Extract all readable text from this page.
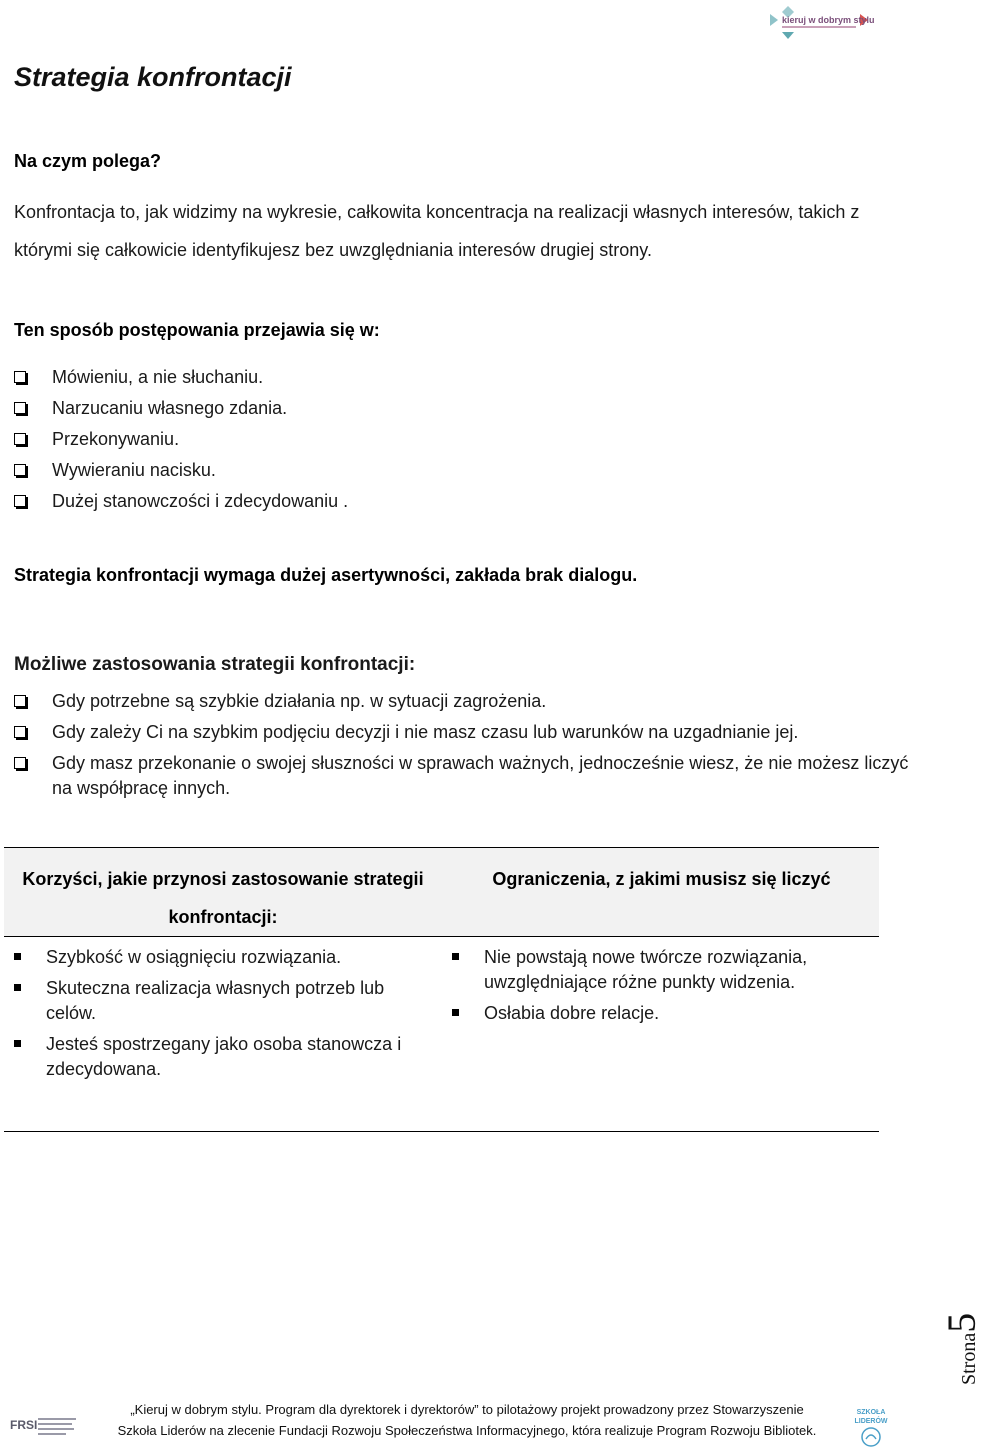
kieruj w dobrym stylu
Strategia konfrontacji
Na czym polega?
Konfrontacja to, jak widzimy na wykresie, całkowita koncentracja na realizacji własnych interesów, takich z którymi się całkowicie identyfikujesz bez uwzględniania interesów drugiej strony.
Ten sposób postępowania przejawia się w:
Mówieniu, a nie słuchaniu.
Narzucaniu własnego zdania.
Przekonywaniu.
Wywieraniu nacisku.
Dużej stanowczości i zdecydowaniu .
Strategia konfrontacji wymaga dużej asertywności, zakłada brak dialogu.
Możliwe zastosowania strategii konfrontacji:
Gdy potrzebne są szybkie działania np. w sytuacji zagrożenia.
Gdy zależy Ci na szybkim podjęciu decyzji i nie masz czasu lub warunków na uzgadnianie jej.
Gdy masz przekonanie o swojej słuszności w sprawach ważnych, jednocześnie wiesz, że nie możesz liczyć na współpracę innych.
Korzyści, jakie przynosi zastosowanie strategii konfrontacji:
Ograniczenia, z jakimi musisz się liczyć
Szybkość w osiągnięciu rozwiązania.
Skuteczna realizacja własnych potrzeb lub celów.
Jesteś spostrzegany jako osoba stanowcza i zdecydowana.
Nie powstają nowe twórcze rozwiązania, uwzględniające różne punkty widzenia.
Osłabia dobre relacje.
Strona5
FRSI
„Kieruj w dobrym stylu. Program dla dyrektorek i dyrektorów” to pilotażowy projekt prowadzony przez Stowarzyszenie
Szkoła Liderów na zlecenie Fundacji Rozwoju Społeczeństwa Informacyjnego, która realizuje Program Rozwoju Bibliotek.
SZKOŁA
LIDERÓW
